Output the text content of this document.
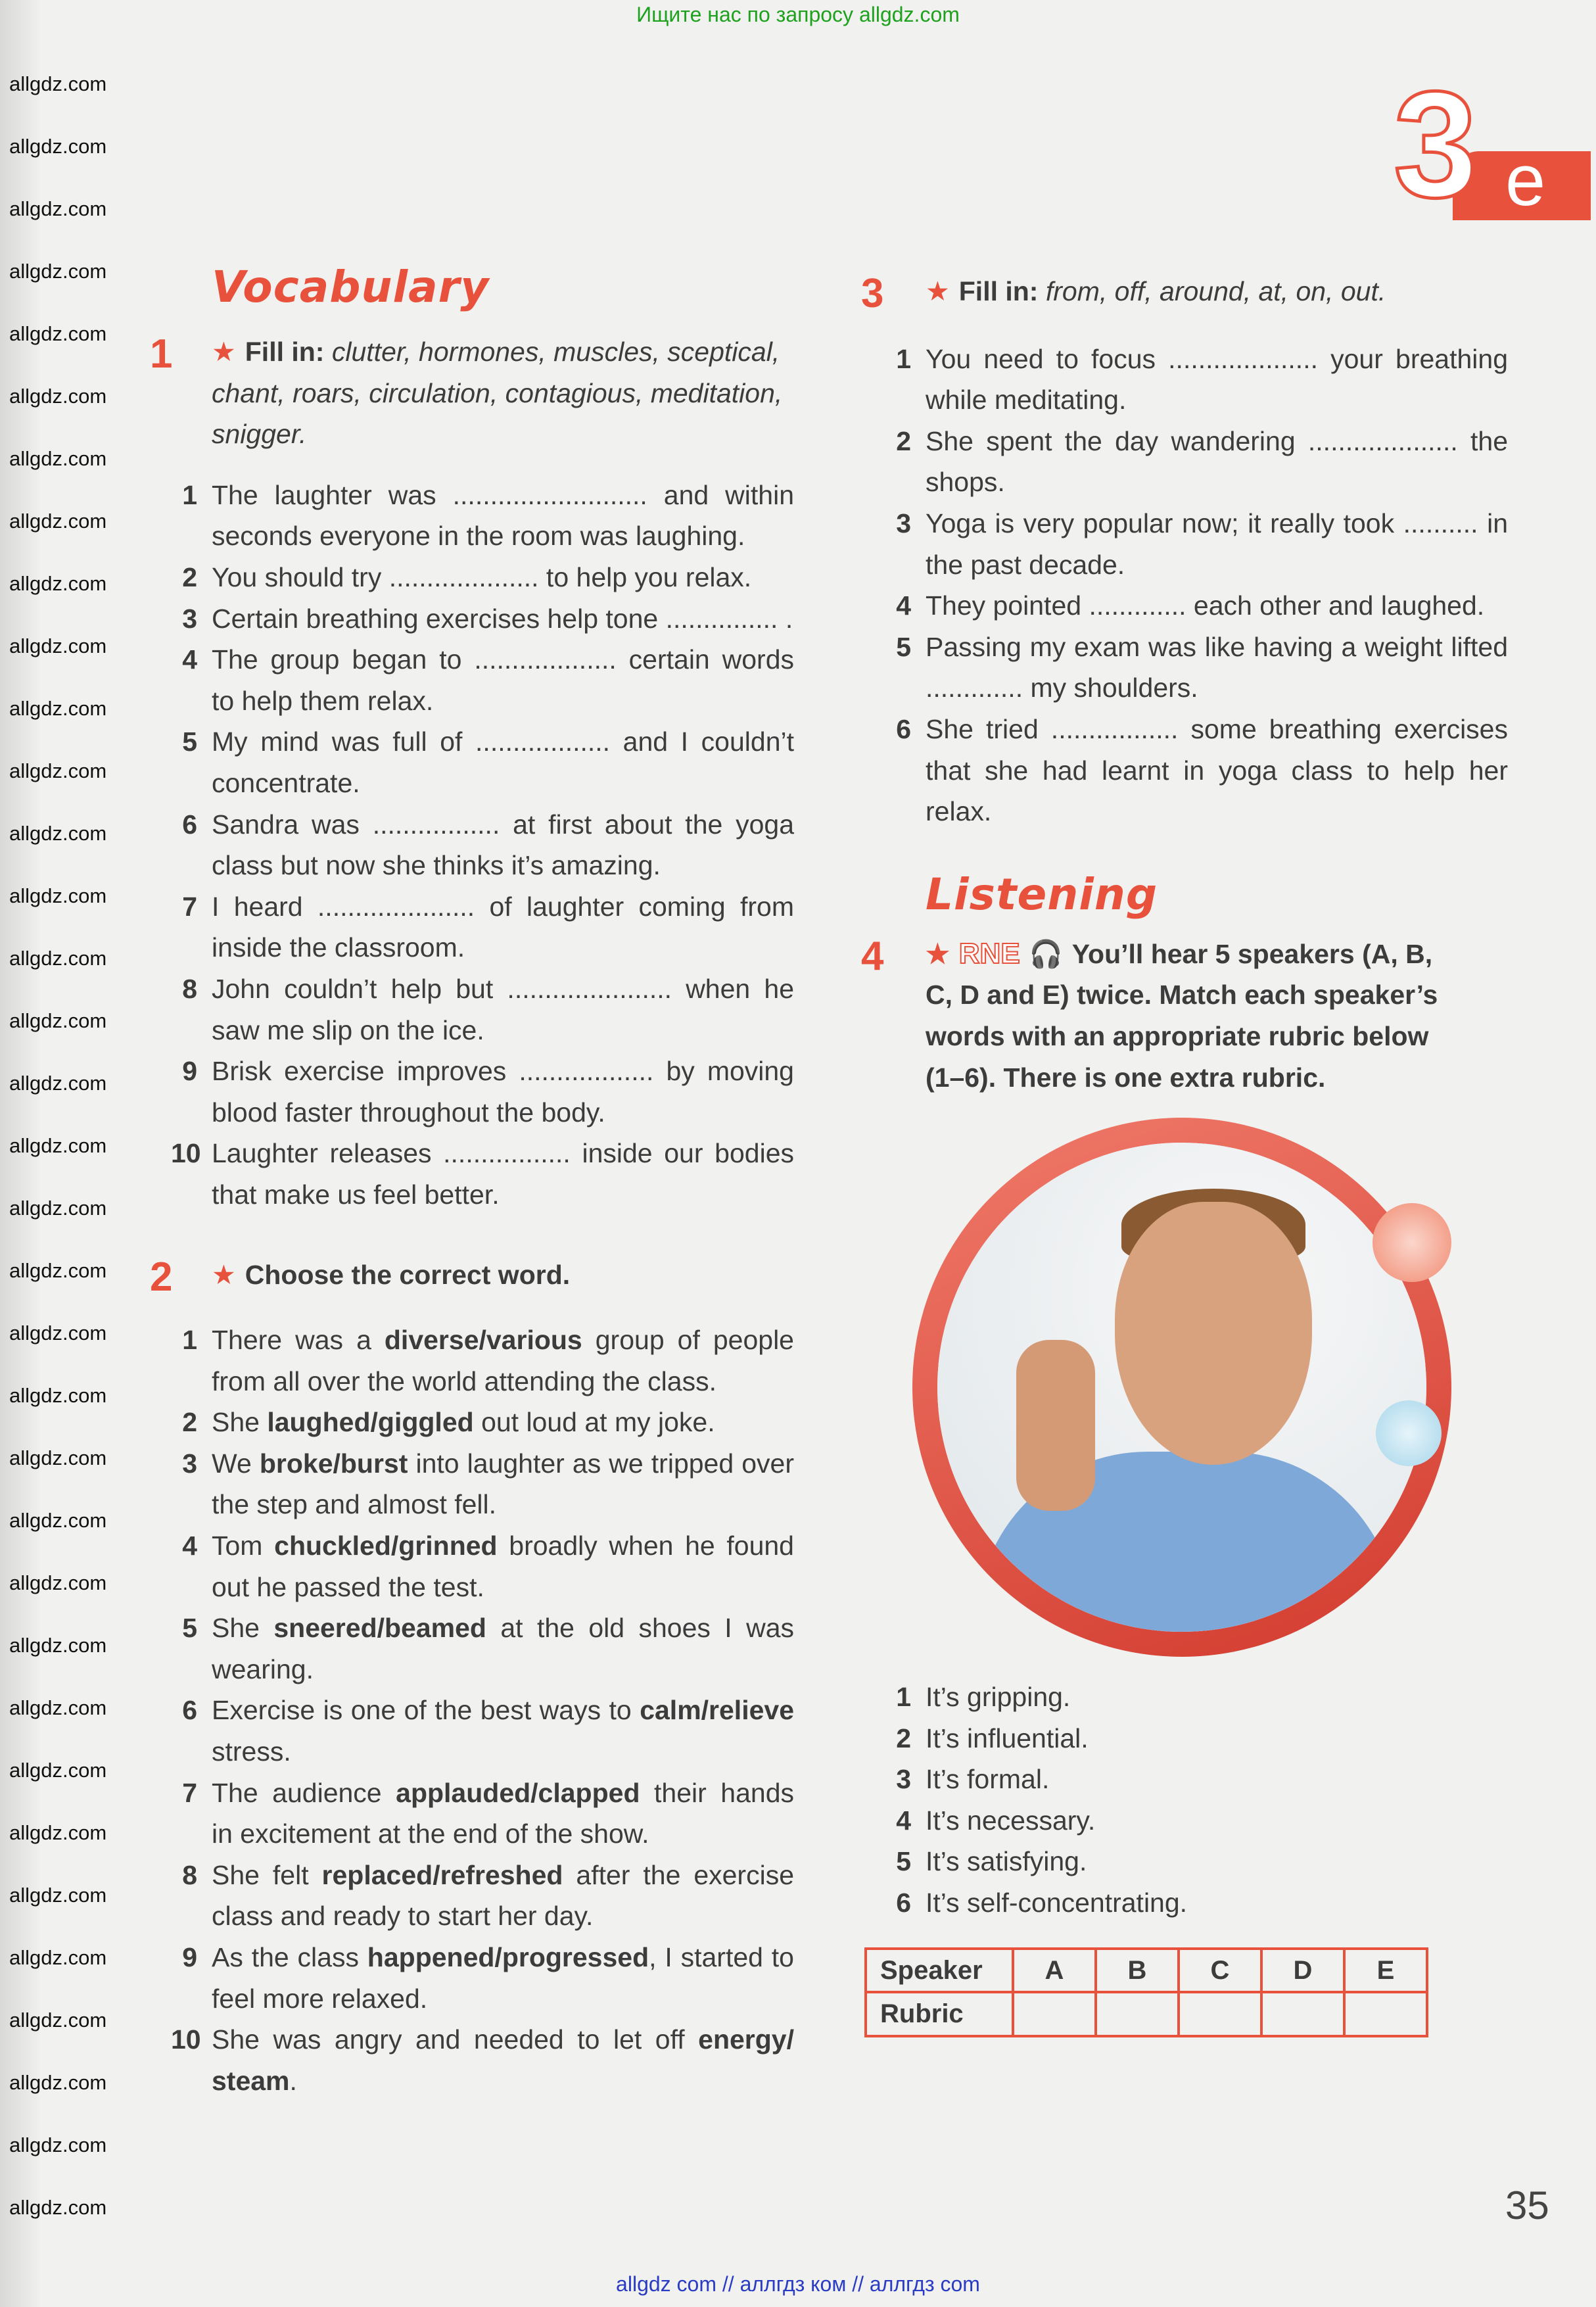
Ищите нас по запросу allgdz.com
3 e
Vocabulary
1 ★ Fill in: clutter, hormones, muscles, sceptical, chant, roars, circulation, contagious, meditation, snigger.
1 The laughter was .......................... and within seconds everyone in the room was laughing.
2 You should try .................... to help you relax.
3 Certain breathing exercises help tone ............... .
4 The group began to ................... certain words to help them relax.
5 My mind was full of .................. and I couldn’t concentrate.
6 Sandra was ................. at first about the yoga class but now she thinks it’s amazing.
7 I heard ..................... of laughter coming from inside the classroom.
8 John couldn’t help but ...................... when he saw me slip on the ice.
9 Brisk exercise improves .................. by moving blood faster throughout the body.
10 Laughter releases ................. inside our bodies that make us feel better.
2 ★ Choose the correct word.
1 There was a diverse/various group of people from all over the world attending the class.
2 She laughed/giggled out loud at my joke.
3 We broke/burst into laughter as we tripped over the step and almost fell.
4 Tom chuckled/grinned broadly when he found out he passed the test.
5 She sneered/beamed at the old shoes I was wearing.
6 Exercise is one of the best ways to calm/relieve stress.
7 The audience applauded/clapped their hands in excitement at the end of the show.
8 She felt replaced/refreshed after the exercise class and ready to start her day.
9 As the class happened/progressed, I started to feel more relaxed.
10 She was angry and needed to let off energy/ steam.
3 ★ Fill in: from, off, around, at, on, out.
1 You need to focus .................... your breathing while meditating.
2 She spent the day wandering .................... the shops.
3 Yoga is very popular now; it really took .......... in the past decade.
4 They pointed ............. each other and laughed.
5 Passing my exam was like having a weight lifted ............. my shoulders.
6 She tried ................. some breathing exercises that she had learnt in yoga class to help her relax.
Listening
4 ★ RNE 🎧 You’ll hear 5 speakers (A, B, C, D and E) twice. Match each speaker’s words with an appropriate rubric below (1–6). There is one extra rubric.
1 It’s gripping.
2 It’s influential.
3 It’s formal.
4 It’s necessary.
5 It’s satisfying.
6 It’s self-concentrating.
Speaker	A	B	C	D	E
Rubric					
35
allgdz com // аллгдз ком // аллгдз com
allgdz.com
allgdz.com
allgdz.com
allgdz.com
allgdz.com
allgdz.com
allgdz.com
allgdz.com
allgdz.com
allgdz.com
allgdz.com
allgdz.com
allgdz.com
allgdz.com
allgdz.com
allgdz.com
allgdz.com
allgdz.com
allgdz.com
allgdz.com
allgdz.com
allgdz.com
allgdz.com
allgdz.com
allgdz.com
allgdz.com
allgdz.com
allgdz.com
allgdz.com
allgdz.com
allgdz.com
allgdz.com
allgdz.com
allgdz.com
allgdz.com
